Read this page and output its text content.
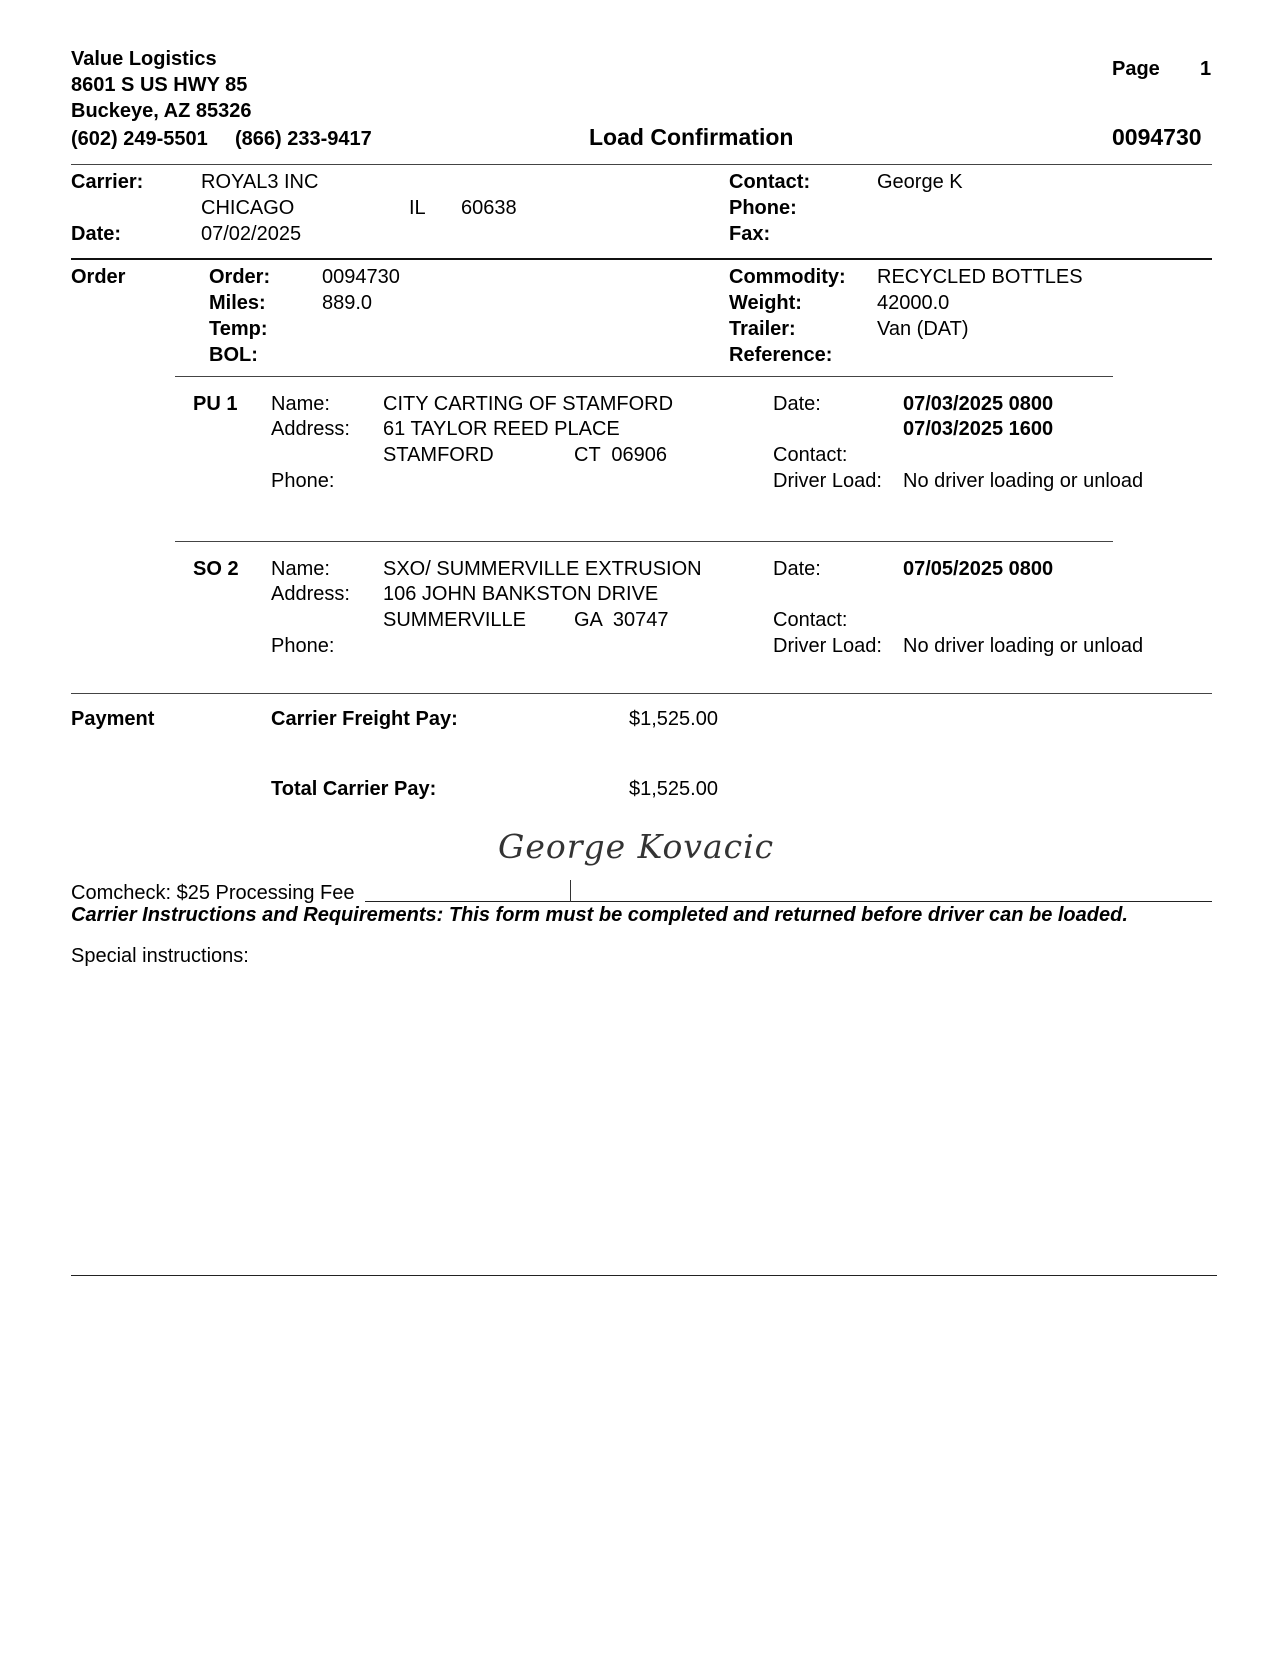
Value Logistics
8601 S US HWY 85
Buckeye, AZ 85326
(602) 249-5501 (866) 233-9417	Load Confirmation	0094730
Page 1
Carrier:	ROYAL3 INC
CHICAGO	IL 60638
Date:	07/02/2025
Contact:	George K
Phone:
Fax:
Order	Order:	0094730
Miles:	889.0
Temp:
BOL:
Commodity: RECYCLED BOTTLES
Weight:	42000.0
Trailer:	Van (DAT)
Reference:
PU 1 Name:	CITY CARTING OF STAMFORD
Address: 61 TAYLOR REED PLACE
STAMFORD	CT  06906
Phone:
Date:	07/03/2025 0800
07/03/2025 1600
Contact:
Driver Load: No driver loading or unload
SO 2 Name:	SXO/ SUMMERVILLE EXTRUSION
Address: 106 JOHN BANKSTON DRIVE
SUMMERVILLE GA  30747
Phone:
Date:	07/05/2025 0800
Contact:
Driver Load: No driver loading or unload
Payment	Carrier Freight Pay:	$1,525.00
Total Carrier Pay:	$1,525.00
Comcheck: $25 Processing Fee
George Kovacic
Carrier Instructions and Requirements: This form must be completed and returned before driver can be loaded.
Special instructions:
